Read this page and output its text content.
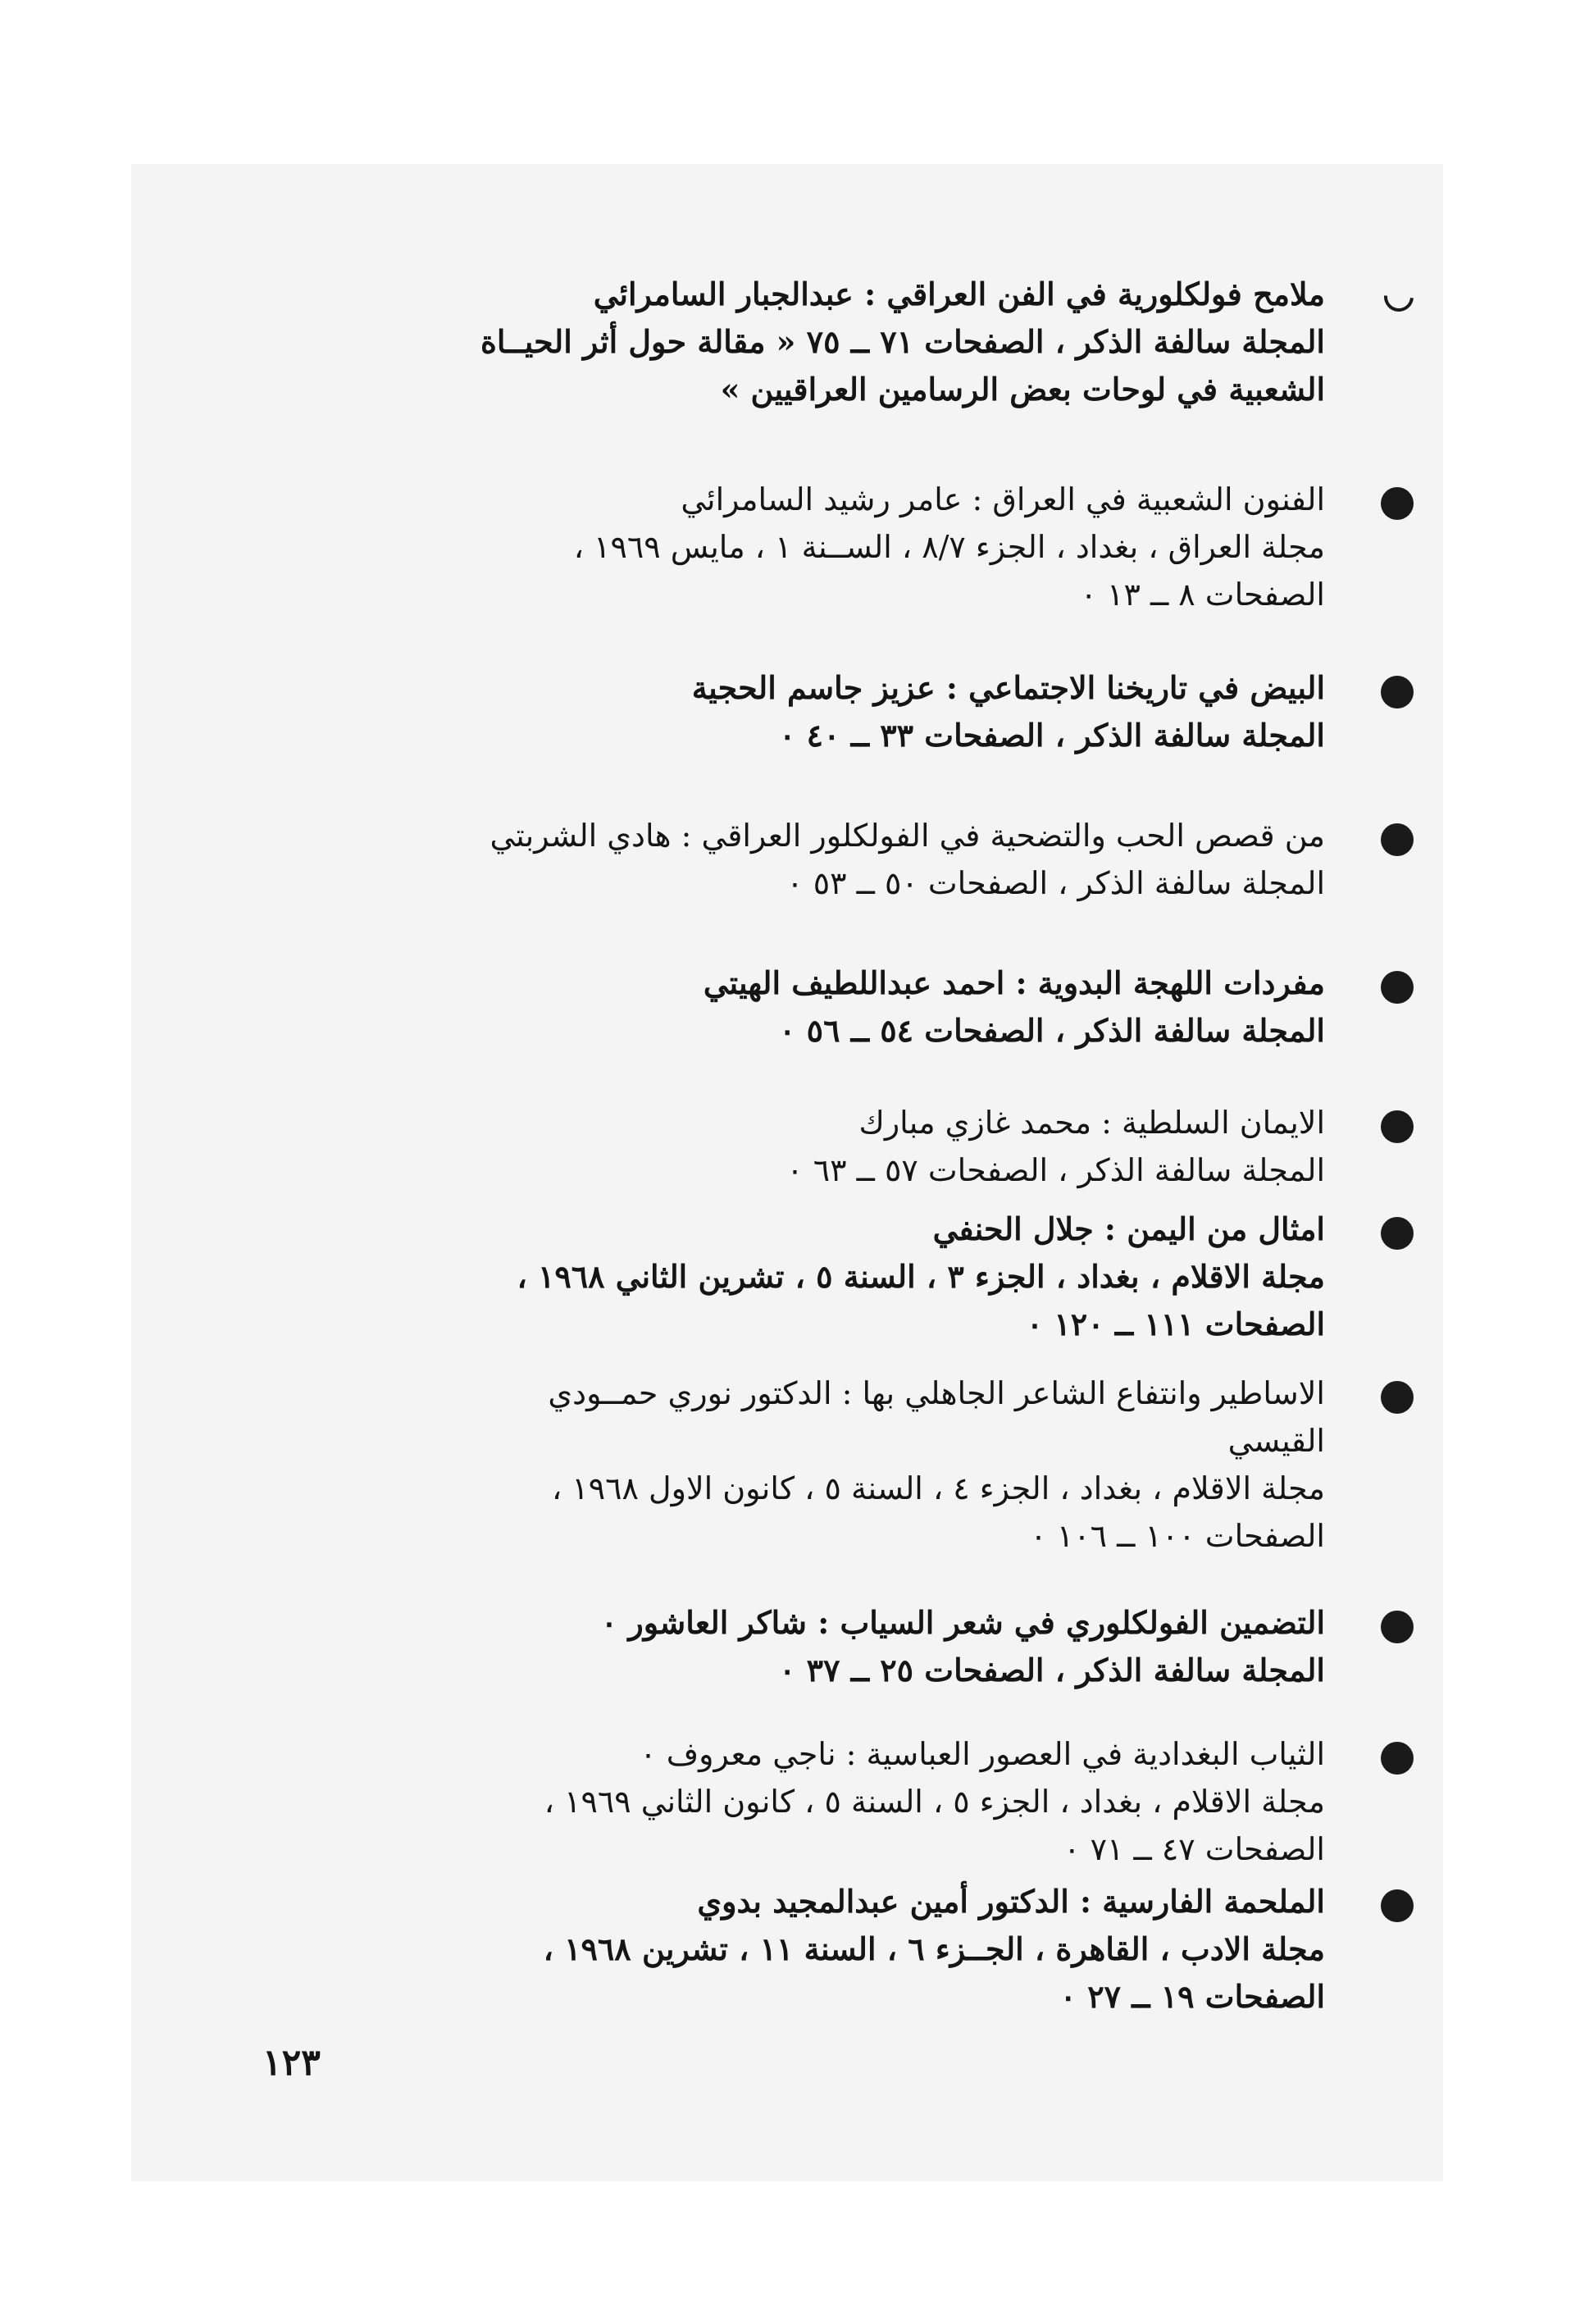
ملامح فولكلورية في الفن العراقي : عبدالجبار السامرائي
المجلة سالفة الذكر ، الصفحات ٧١ ــ ٧٥ « مقالة حول أثر الحيــاة
الشعبية في لوحات بعض الرسامين العراقيين »
الفنون الشعبية في العراق : عامر رشيد السامرائي
مجلة العراق ، بغداد ، الجزء ٨/٧ ، الســنة ١ ، مايس ١٩٦٩ ،
الصفحات ٨ ــ ١٣ ٠
البيض في تاريخنا الاجتماعي : عزيز جاسم الحجية
المجلة سالفة الذكر ، الصفحات ٣٣ ــ ٤٠ ٠
من قصص الحب والتضحية في الفولكلور العراقي : هادي الشربتي
المجلة سالفة الذكر ، الصفحات ٥٠ ــ ٥٣ ٠
مفردات اللهجة البدوية : احمد عبداللطيف الهيتي
المجلة سالفة الذكر ، الصفحات ٥٤ ــ ٥٦ ٠
الايمان السلطية : محمد غازي مبارك
المجلة سالفة الذكر ، الصفحات ٥٧ ــ ٦٣ ٠
امثال من اليمن : جلال الحنفي
مجلة الاقلام ، بغداد ، الجزء ٣ ، السنة ٥ ، تشرين الثاني ١٩٦٨ ،
الصفحات ١١١ ــ ١٢٠ ٠
الاساطير وانتفاع الشاعر الجاهلي بها : الدكتور نوري حمــودي
القيسي
مجلة الاقلام ، بغداد ، الجزء ٤ ، السنة ٥ ، كانون الاول ١٩٦٨ ،
الصفحات ١٠٠ ــ ١٠٦ ٠
التضمين الفولكلوري في شعر السياب : شاكر العاشور ٠
المجلة سالفة الذكر ، الصفحات ٢٥ ــ ٣٧ ٠
الثياب البغدادية في العصور العباسية : ناجي معروف ٠
مجلة الاقلام ، بغداد ، الجزء ٥ ، السنة ٥ ، كانون الثاني ١٩٦٩ ،
الصفحات ٤٧ ــ ٧١ ٠
الملحمة الفارسية : الدكتور أمين عبدالمجيد بدوي
مجلة الادب ، القاهرة ، الجــزء ٦ ، السنة ١١ ، تشرين ١٩٦٨ ،
الصفحات ١٩ ــ ٢٧ ٠
١٢٣
